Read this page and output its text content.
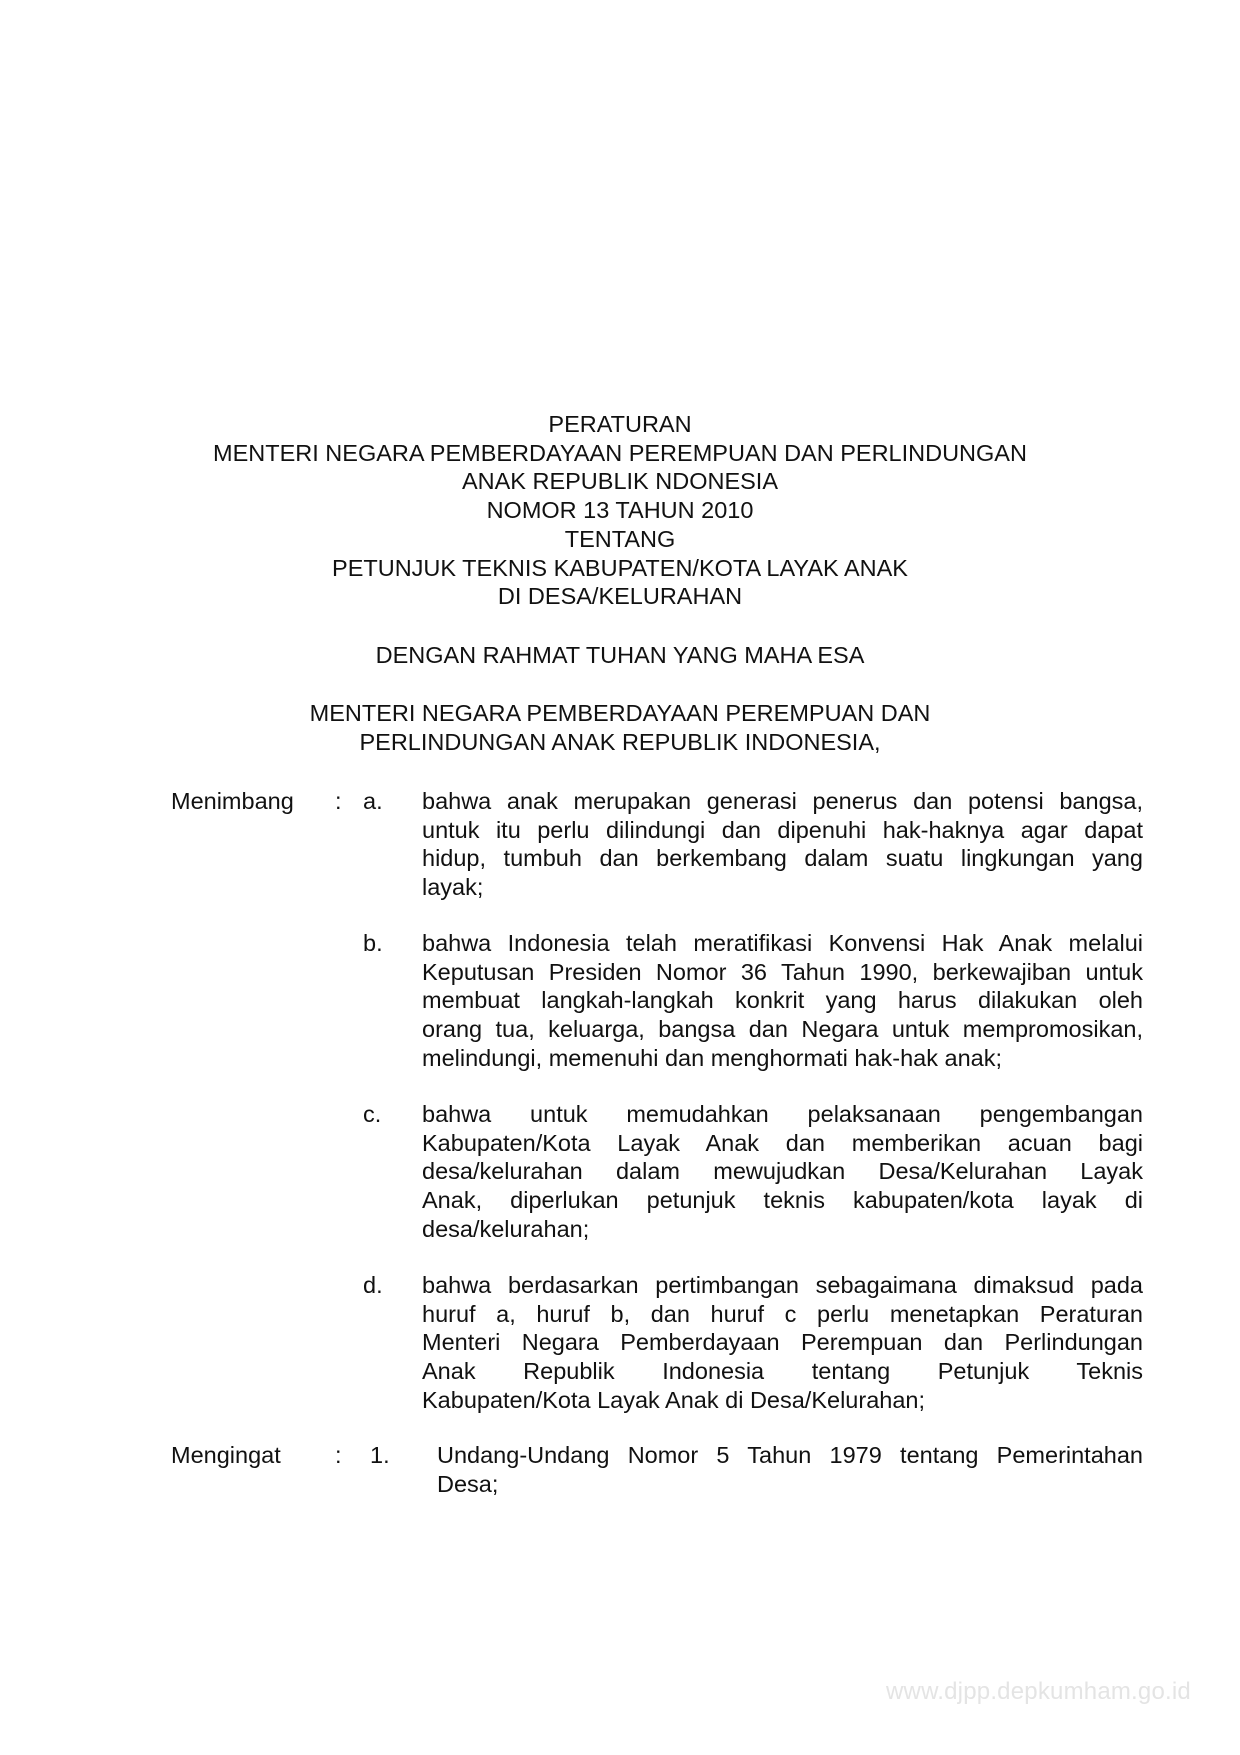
PERATURAN
MENTERI NEGARA PEMBERDAYAAN PEREMPUAN DAN PERLINDUNGAN
ANAK REPUBLIK NDONESIA
NOMOR 13 TAHUN 2010
TENTANG
PETUNJUK TEKNIS KABUPATEN/KOTA LAYAK ANAK
DI DESA/KELURAHAN
DENGAN RAHMAT TUHAN YANG MAHA ESA
MENTERI NEGARA PEMBERDAYAAN PEREMPUAN DAN
PERLINDUNGAN ANAK REPUBLIK INDONESIA,
Menimbang : a. bahwa anak merupakan generasi penerus dan potensi bangsa,
untuk itu perlu dilindungi dan dipenuhi hak-haknya agar dapat
hidup, tumbuh dan berkembang dalam suatu lingkungan yang
layak;
b. bahwa Indonesia telah meratifikasi Konvensi Hak Anak melalui
Keputusan Presiden Nomor 36 Tahun 1990, berkewajiban untuk
membuat langkah-langkah konkrit yang harus dilakukan oleh
orang tua, keluarga, bangsa dan Negara untuk mempromosikan,
melindungi, memenuhi dan menghormati hak-hak anak;
c. bahwa untuk memudahkan pelaksanaan pengembangan
Kabupaten/Kota Layak Anak dan memberikan acuan bagi
desa/kelurahan dalam mewujudkan Desa/Kelurahan Layak
Anak, diperlukan petunjuk teknis kabupaten/kota layak di
desa/kelurahan;
d. bahwa berdasarkan pertimbangan sebagaimana dimaksud pada
huruf a, huruf b, dan huruf c perlu menetapkan Peraturan
Menteri Negara Pemberdayaan Perempuan dan Perlindungan
Anak Republik Indonesia tentang Petunjuk Teknis
Kabupaten/Kota Layak Anak di Desa/Kelurahan;
Mengingat : 1. Undang-Undang Nomor 5 Tahun 1979 tentang Pemerintahan
Desa;
www.djpp.depkumham.go.id
